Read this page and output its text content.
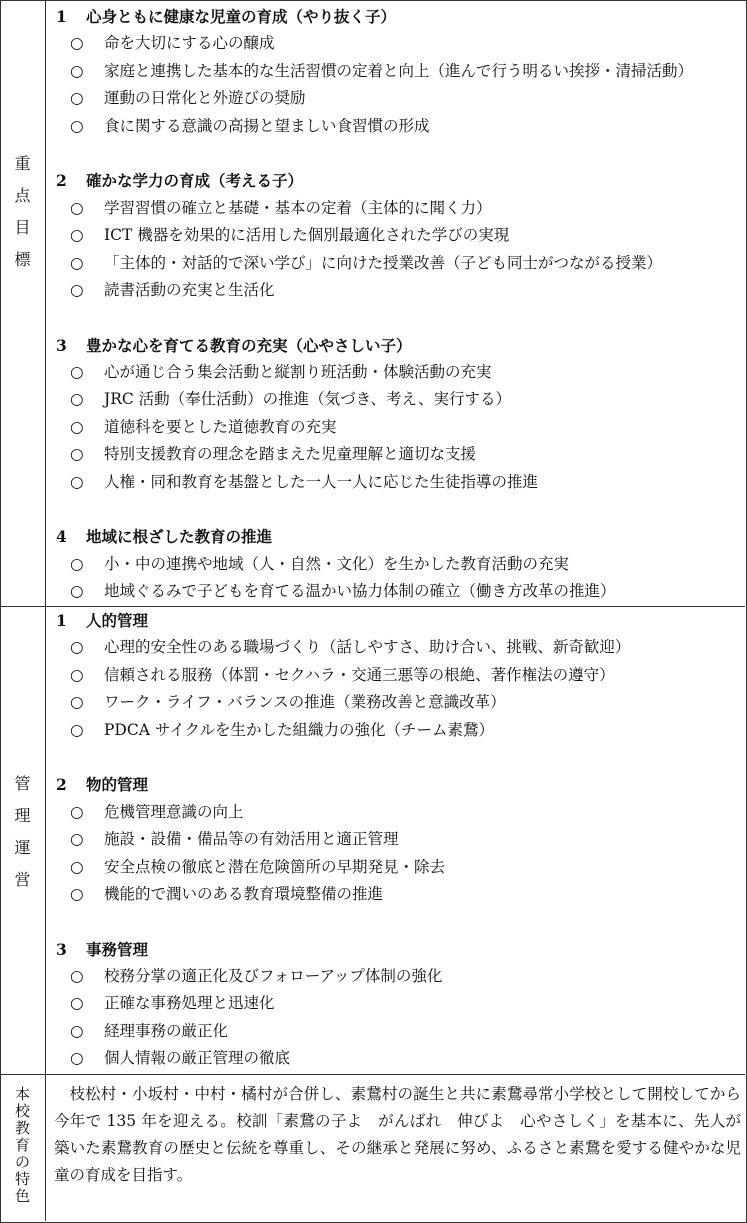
重
点
目
標
1 心身ともに健康な児童の育成（やり抜く子）
○ 命を大切にする心の醸成
○ 家庭と連携した基本的な生活習慣の定着と向上（進んで行う明るい挨拶・清掃活動）
○ 運動の日常化と外遊びの奨励
○ 食に関する意識の高揚と望ましい食習慣の形成
2 確かな学力の育成（考える子）
○ 学習習慣の確立と基礎・基本の定着（主体的に聞く力）
○ ICT 機器を効果的に活用した個別最適化された学びの実現
○ 「主体的・対話的で深い学び」に向けた授業改善（子ども同士がつながる授業）
○ 読書活動の充実と生活化
3 豊かな心を育てる教育の充実（心やさしい子）
○ 心が通じ合う集会活動と縦割り班活動・体験活動の充実
○ JRC 活動（奉仕活動）の推進（気づき、考え、実行する）
○ 道徳科を要とした道徳教育の充実
○ 特別支援教育の理念を踏まえた児童理解と適切な支援
○ 人権・同和教育を基盤とした一人一人に応じた生徒指導の推進
4 地域に根ざした教育の推進
○ 小・中の連携や地域（人・自然・文化）を生かした教育活動の充実
○ 地域ぐるみで子どもを育てる温かい協力体制の確立（働き方改革の推進）
管
理
運
営
1 人的管理
○ 心理的安全性のある職場づくり（話しやすさ、助け合い、挑戦、新奇歓迎）
○ 信頼される服務（体罰・セクハラ・交通三悪等の根絶、著作権法の遵守）
○ ワーク・ライフ・バランスの推進（業務改善と意識改革）
○ PDCA サイクルを生かした組織力の強化（チーム素鵞）
2 物的管理
○ 危機管理意識の向上
○ 施設・設備・備品等の有効活用と適正管理
○ 安全点検の徹底と潜在危険箇所の早期発見・除去
○ 機能的で潤いのある教育環境整備の推進
3 事務管理
○ 校務分掌の適正化及びフォローアップ体制の強化
○ 正確な事務処理と迅速化
○ 経理事務の厳正化
○ 個人情報の厳正管理の徹底
本
校
教
育
の
特
色
枝松村・小坂村・中村・橘村が合併し、素鵞村の誕生と共に素鵞尋常小学校として開校してから今年で 135 年を迎える。校訓「素鵞の子よ　がんばれ　伸びよ　心やさしく」を基本に、先人が築いた素鵞教育の歴史と伝統を尊重し、その継承と発展に努め、ふるさと素鵞を愛する健やかな児童の育成を目指す。
